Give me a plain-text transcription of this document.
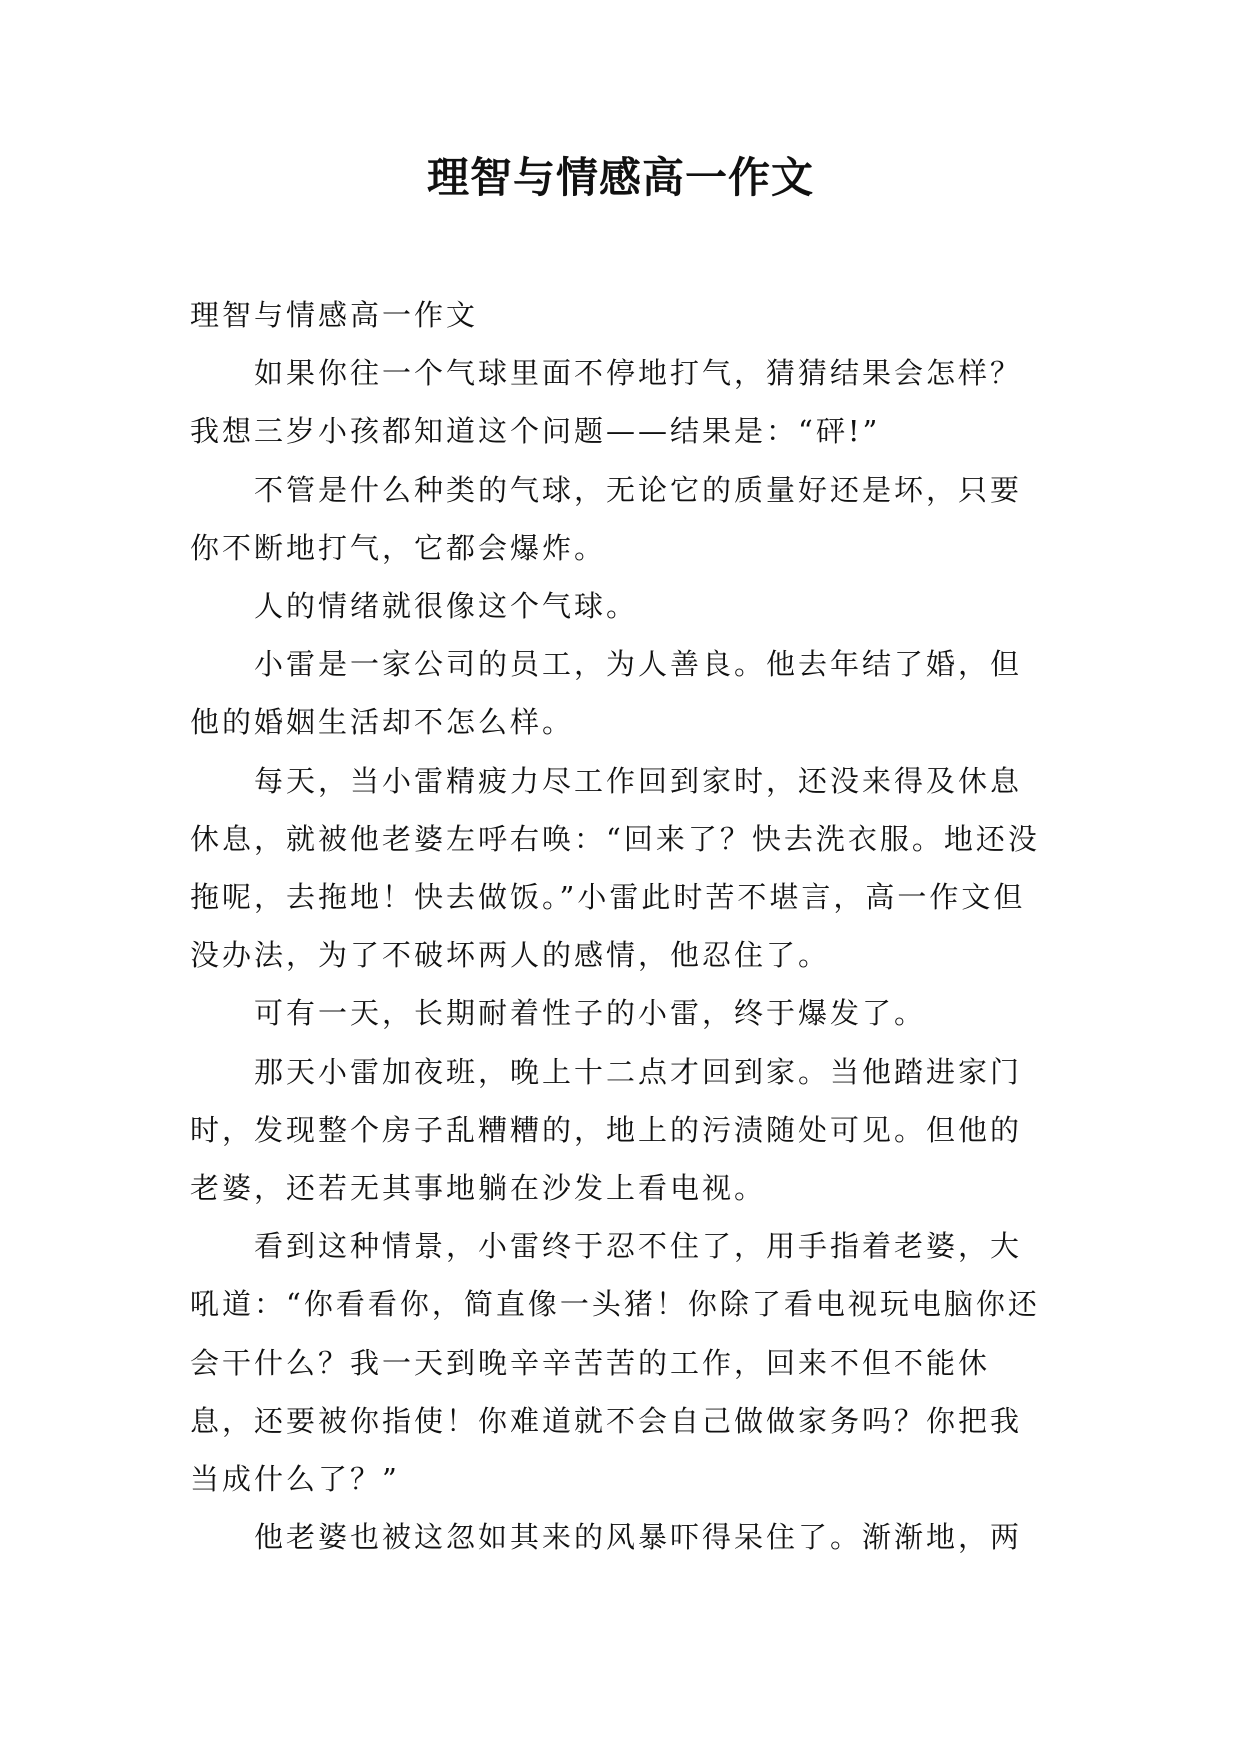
理智与情感高一作文

理智与情感高一作文

如果你往一个气球里面不停地打气，猜猜结果会怎样？我想三岁小孩都知道这个问题——结果是：“砰!”

不管是什么种类的气球，无论它的质量好还是坏，只要你不断地打气，它都会爆炸。

人的情绪就很像这个气球。

小雷是一家公司的员工，为人善良。他去年结了婚，但他的婚姻生活却不怎么样。

每天，当小雷精疲力尽工作回到家时，还没来得及休息休息，就被他老婆左呼右唤：“回来了？快去洗衣服。地还没拖呢，去拖地！快去做饭。”小雷此时苦不堪言，高一作文但没办法，为了不破坏两人的感情，他忍住了。

可有一天，长期耐着性子的小雷，终于爆发了。

那天小雷加夜班，晚上十二点才回到家。当他踏进家门时，发现整个房子乱糟糟的，地上的污渍随处可见。但他的老婆，还若无其事地躺在沙发上看电视。

看到这种情景，小雷终于忍不住了，用手指着老婆，大吼道：“你看看你，简直像一头猪！你除了看电视玩电脑你还会干什么？我一天到晚辛辛苦苦的工作，回来不但不能休息，还要被你指使！你难道就不会自己做做家务吗？你把我当成什么了？”

他老婆也被这忽如其来的风暴吓得呆住了。渐渐地，两
